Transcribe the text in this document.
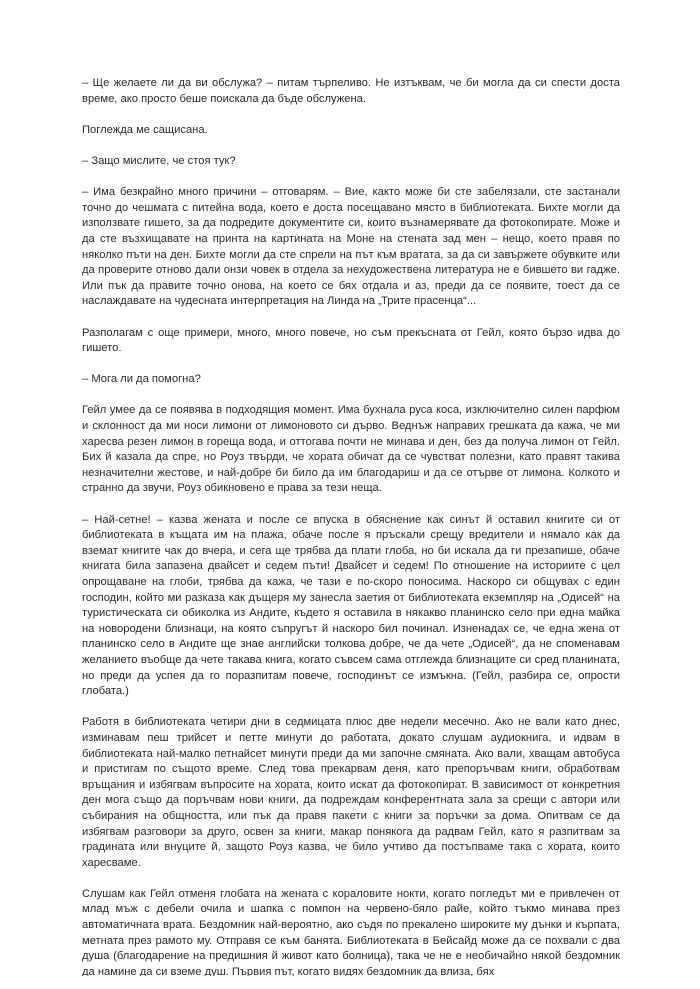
– Ще желаете ли да ви обслужа? – питам търпеливо. Не изтъквам, че би могла да си спести доста време, ако просто беше поискала да бъде обслужена.

Поглежда ме сащисана.

– Защо мислите, че стоя тук?

– Има безкрайно много причини – отговарям. – Вие, както може би сте забелязали, сте застанали точно до чешмата с питейна вода, което е доста посещавано място в библиотеката. Бихте могли да използвате гишето, за да подредите документите си, които възнамерявате да фотокопирате. Може и да сте възхищавате на принта на картината на Моне на стената зад мен – нещо, което правя по няколко пъти на ден. Бихте могли да сте спрели на път към вратата, за да си завържете обувките или да проверите отново дали онзи човек в отдела за нехудожествена литература не е бившето ви гадже. Или пък да правите точно онова, на което се бях отдала и аз, преди да се появите, тоест да се наслаждавате на чудесната интерпретация на Линда на „Трите прасенца“...

Разполагам с още примери, много, много повече, но съм прекъсната от Гейл, която бързо идва до гишето.

– Мога ли да помогна?

Гейл умее да се появява в подходящия момент. Има бухнала руса коса, изключително силен парфюм и склонност да ми носи лимони от лимоновото си дърво. Веднъж направих грешката да кажа, че ми харесва резен лимон в гореща вода, и оттогава почти не минава и ден, без да получа лимон от Гейл. Бих й казала да спре, но Роуз твърди, че хората обичат да се чувстват полезни, като правят такива незначителни жестове, и най-добре би било да им благодариш и да се отърве от лимона. Колкото и странно да звучи, Роуз обикновено е права за тези неща.

– Най-сетне! – казва жената и после се впуска в обяснение как синът й оставил книгите си от библиотеката в къщата им на плажа, обаче после я пръскали срещу вредители и нямало как да вземат книгите чак до вчера, и сега ще трябва да плати глоба, но би искала да ги презапише, обаче книгата била запазена двайсет и седем пъти! Двайсет и седем! По отношение на историите с цел опрощаване на глоби, трябва да кажа, че тази е по-скоро поносима. Наскоро си общувах с един господин, който ми разказа как дъщеря му занесла заетия от библиотеката екземпляр на „Одисей“ на туристическата си обиколка из Андите, където я оставила в някакво планинско село при една майка на новородени близнаци, на която съпругът й наскоро бил починал. Изненадах се, че една жена от планинско село в Андите ще знае английски толкова добре, че да чете „Одисей“, да не споменавам желанието въобще да чете такава книга, когато съвсем сама отглежда близнаците си сред планината, но преди да успея да го поразпитам повече, господинът се измъкна. (Гейл, разбира се, опрости глобата.)

Работя в библиотеката четири дни в седмицата плюс две недели месечно. Ако не вали като днес, изминавам пеш трийсет и петте минути до работата, докато слушам аудиокнига, и идвам в библиотеката най-малко петнайсет минути преди да ми започне смяната. Ако вали, хващам автобуса и пристигам по същото време. След това прекарвам деня, като препоръчвам книги, обработвам връщания и избягвам въпросите на хората, които искат да фотокопират. В зависимост от конкретния ден мога също да поръчвам нови книги, да подреждам конферентната зала за срещи с автори или събирания на общността, или пък да правя пакети с книги за поръчки за дома. Опитвам се да избягвам разговори за друго, освен за книги, макар понякога да радвам Гейл, като я разпитвам за градината или внуците й, защото Роуз казва, че било учтиво да постъпваме така с хората, които харесваме.

Слушам как Гейл отменя глобата на жената с кораловите нокти, когато погледът ми е привлечен от млад мъж с дебели очила и шапка с помпон на червено-бяло райе, който тъкмо минава през автоматичната врата. Бездомник най-вероятно, ако съдя по прекалено широките му дънки и кърпата, метната през рамото му. Отправя се към банята. Библиотеката в Бейсайд може да се похвали с два душа (благодарение на предишния й живот като болница), така че не е необичайно някой бездомник да намине да си вземе душ. Първия път, когато видях бездомник да влиза, бях
